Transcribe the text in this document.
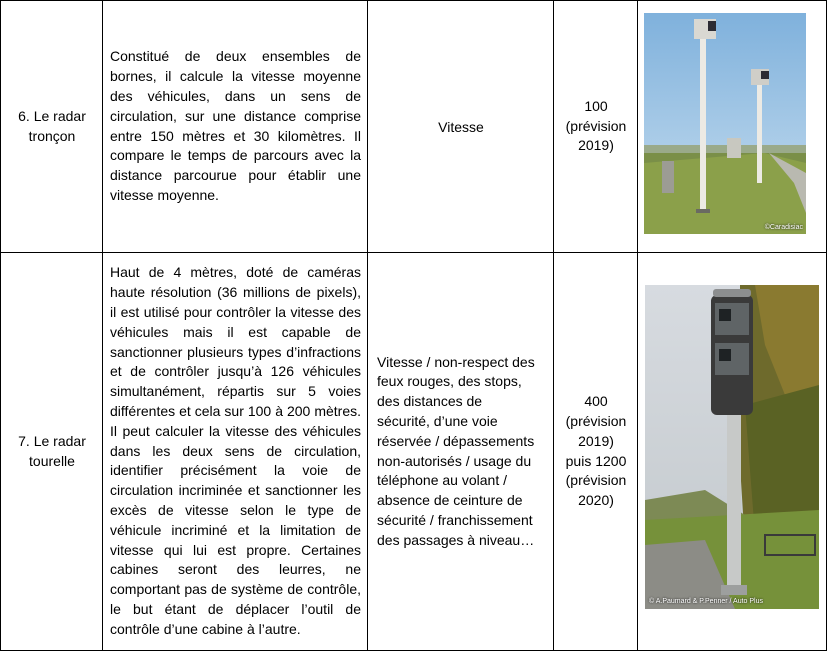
6. Le radar
tronçon
Constitué de deux ensembles de bornes, il calcule la vitesse moyenne des véhicules, dans un sens de circulation, sur une distance comprise entre 150 mètres et 30 kilomètres. Il compare le temps de parcours avec la distance parcourue pour établir une vitesse moyenne.
Vitesse
100
(prévision
2019)
©Caradisiac
7. Le radar
tourelle
Haut de 4 mètres, doté de caméras haute résolution (36 millions de pixels), il est utilisé pour contrôler la vitesse des véhicules mais il est capable de sanctionner plusieurs types d’infractions et de contrôler jusqu’à 126 véhicules simultanément, répartis sur 5 voies différentes et cela sur 100 à 200 mètres. Il peut calculer la vitesse des véhicules dans les deux sens de circulation, identifier précisément la voie de circulation incriminée et sanctionner les excès de vitesse selon le type de véhicule incriminé et la limitation de vitesse qui lui est propre. Certaines cabines seront des leurres, ne comportant pas de système de contrôle, le but étant de déplacer l’outil de contrôle d’une cabine à l’autre.
Vitesse / non-respect des
feux rouges, des stops,
des distances de
sécurité, d’une voie
réservée / dépassements
non-autorisés / usage du
téléphone au volant /
absence de ceinture de
sécurité / franchissement
des passages à niveau…
400
(prévision
2019)
puis 1200
(prévision
2020)
© A.Paumard & P.Penner / Auto Plus
